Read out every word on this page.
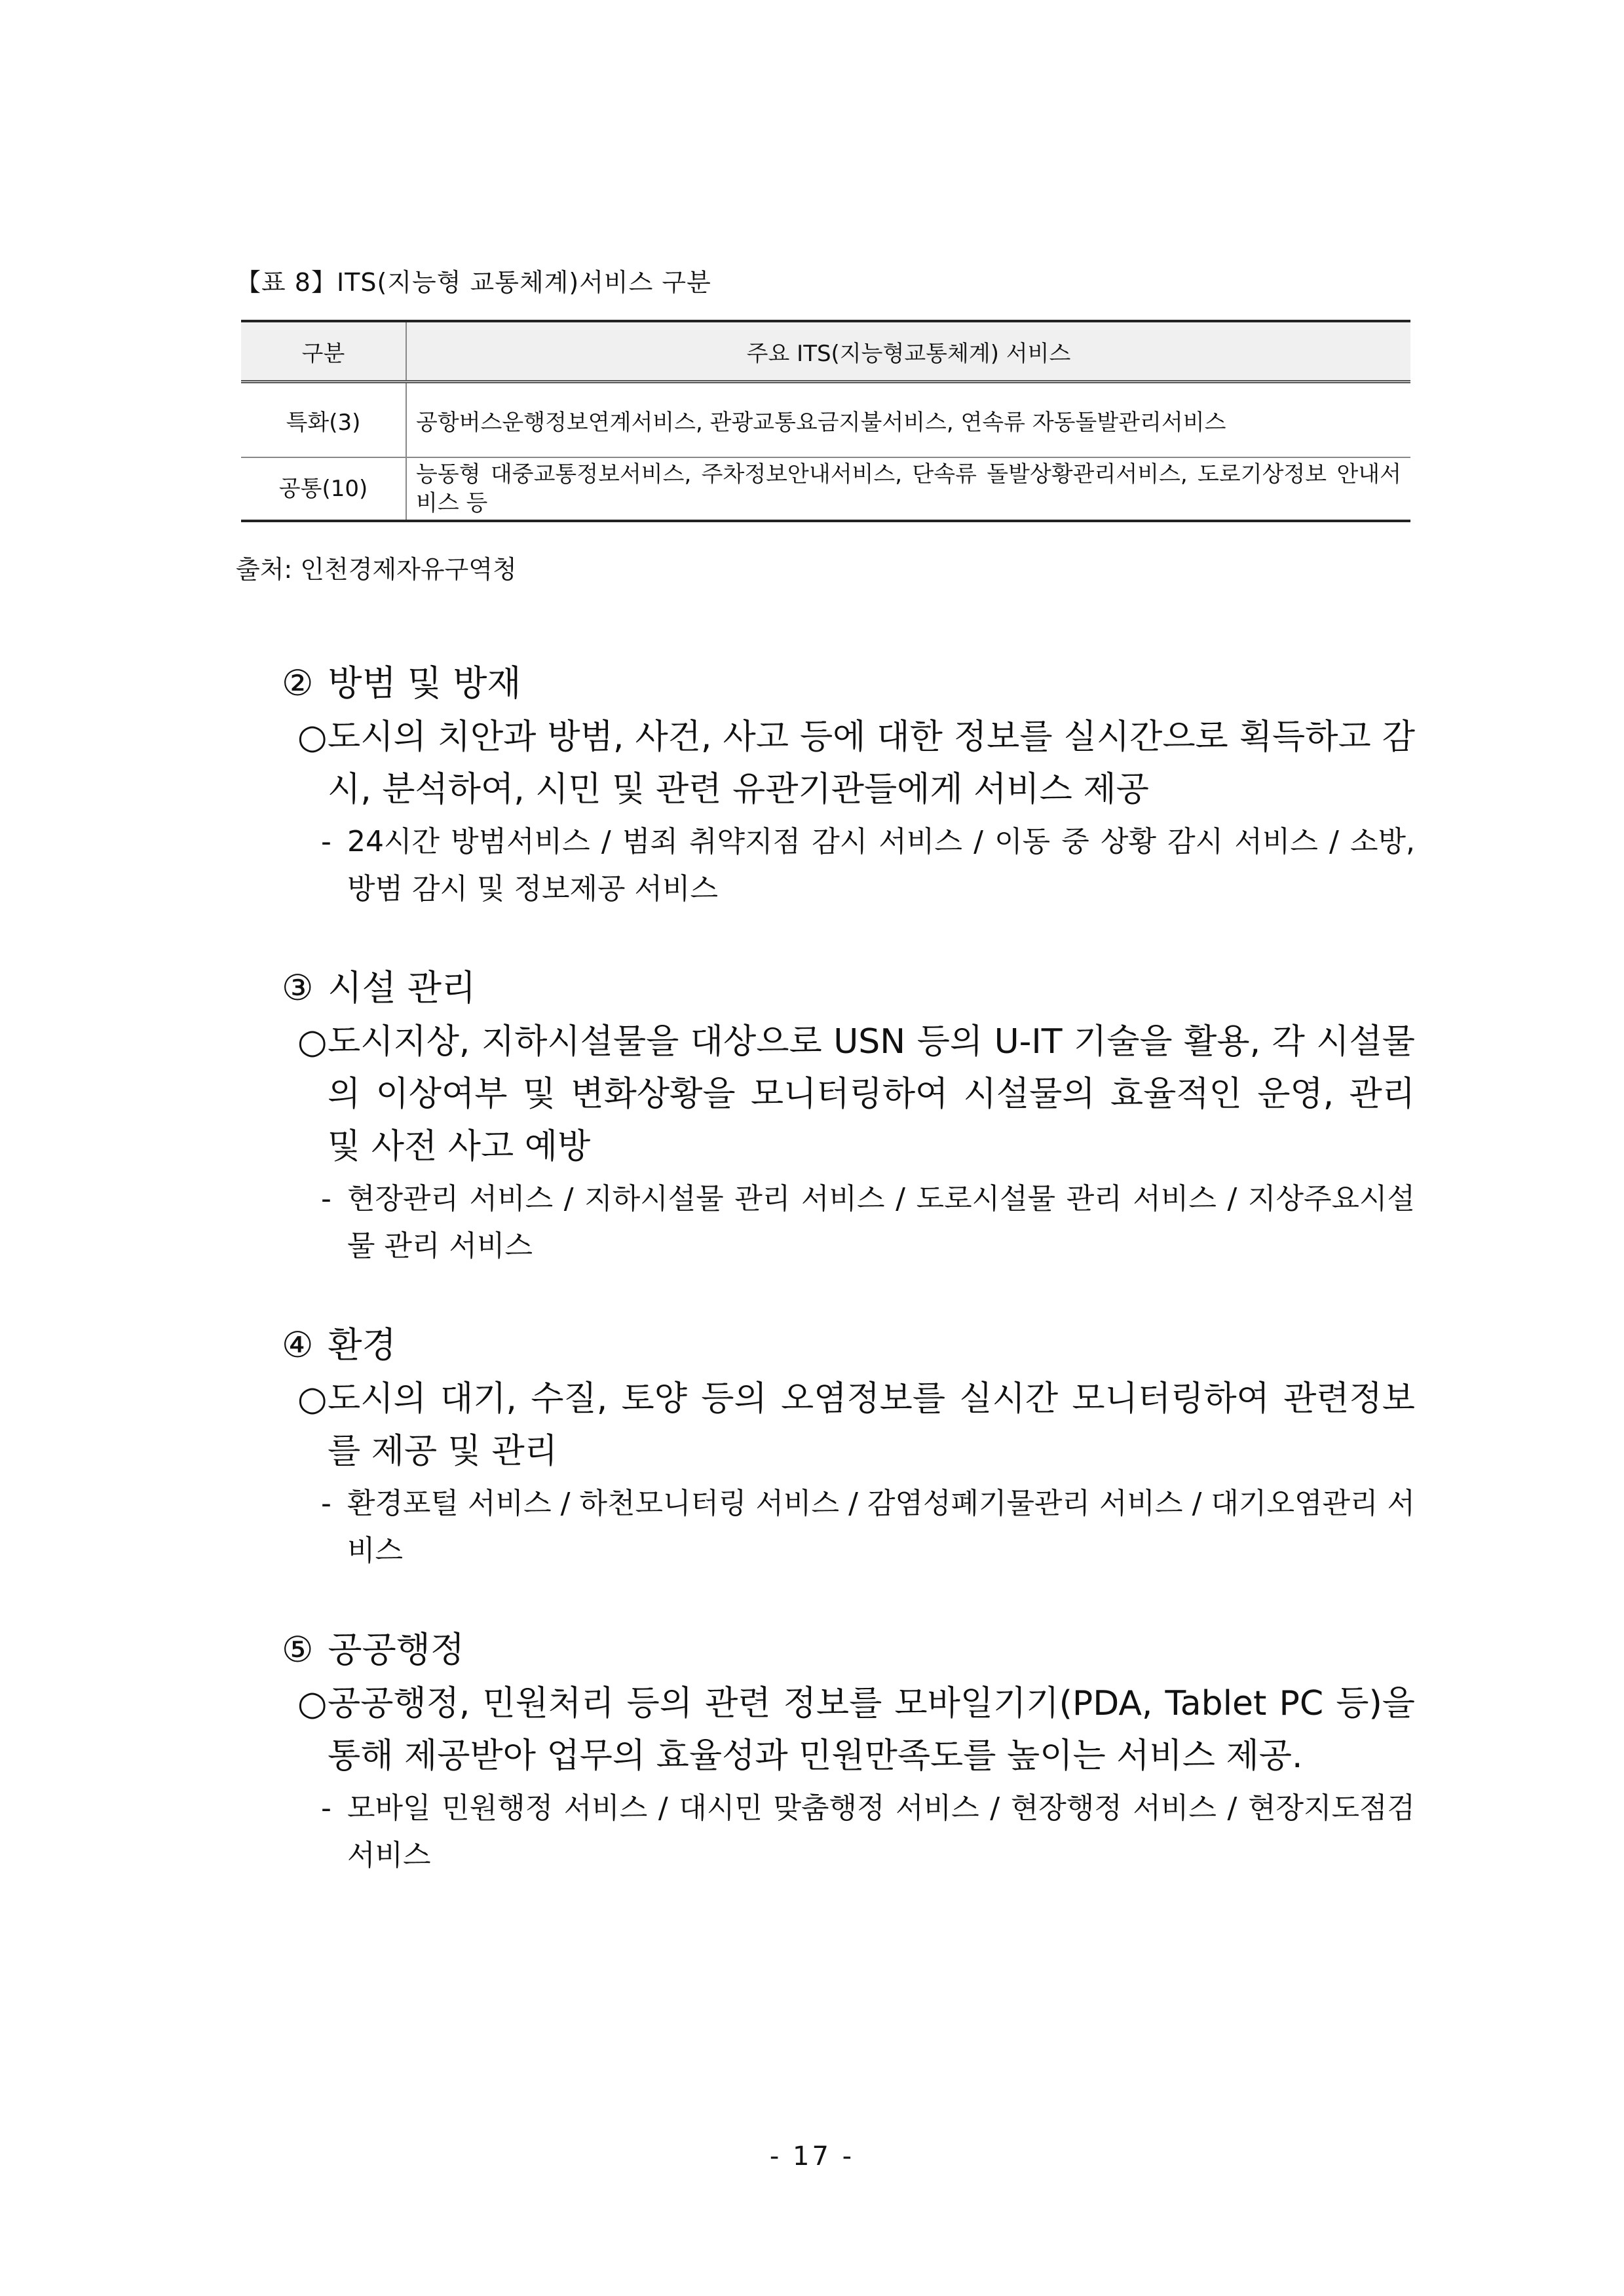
【표 8】ITS(지능형 교통체계)서비스 구분
구분	주요 ITS(지능형교통체계) 서비스
특화(3)	공항버스운행정보연계서비스, 관광교통요금지불서비스, 연속류 자동돌발관리서비스
공통(10)	능동형 대중교통정보서비스, 주차정보안내서비스, 단속류 돌발상황관리서비스, 도로기상정보 안내서비스 등
출처: 인천경제자유구역청
② 방범 및 방재
○ 도시의 치안과 방범, 사건, 사고 등에 대한 정보를 실시간으로 획득하고 감시, 분석하여, 시민 및 관련 유관기관들에게 서비스 제공
- 24시간 방범서비스 / 범죄 취약지점 감시 서비스 / 이동 중 상황 감시 서비스 / 소방, 방범 감시 및 정보제공 서비스
③ 시설 관리
○ 도시지상, 지하시설물을 대상으로 USN 등의 U-IT 기술을 활용, 각 시설물의 이상여부 및 변화상황을 모니터링하여 시설물의 효율적인 운영, 관리 및 사전 사고 예방
- 현장관리 서비스 / 지하시설물 관리 서비스 / 도로시설물 관리 서비스 / 지상주요시설물 관리 서비스
④ 환경
○ 도시의 대기, 수질, 토양 등의 오염정보를 실시간 모니터링하여 관련정보를 제공 및 관리
- 환경포털 서비스 / 하천모니터링 서비스 / 감염성폐기물관리 서비스 / 대기오염관리 서비스
⑤ 공공행정
○ 공공행정, 민원처리 등의 관련 정보를 모바일기기(PDA, Tablet PC 등)을 통해 제공받아 업무의 효율성과 민원만족도를 높이는 서비스 제공.
- 모바일 민원행정 서비스 / 대시민 맞춤행정 서비스 / 현장행정 서비스 / 현장지도점검 서비스
- 17 -
